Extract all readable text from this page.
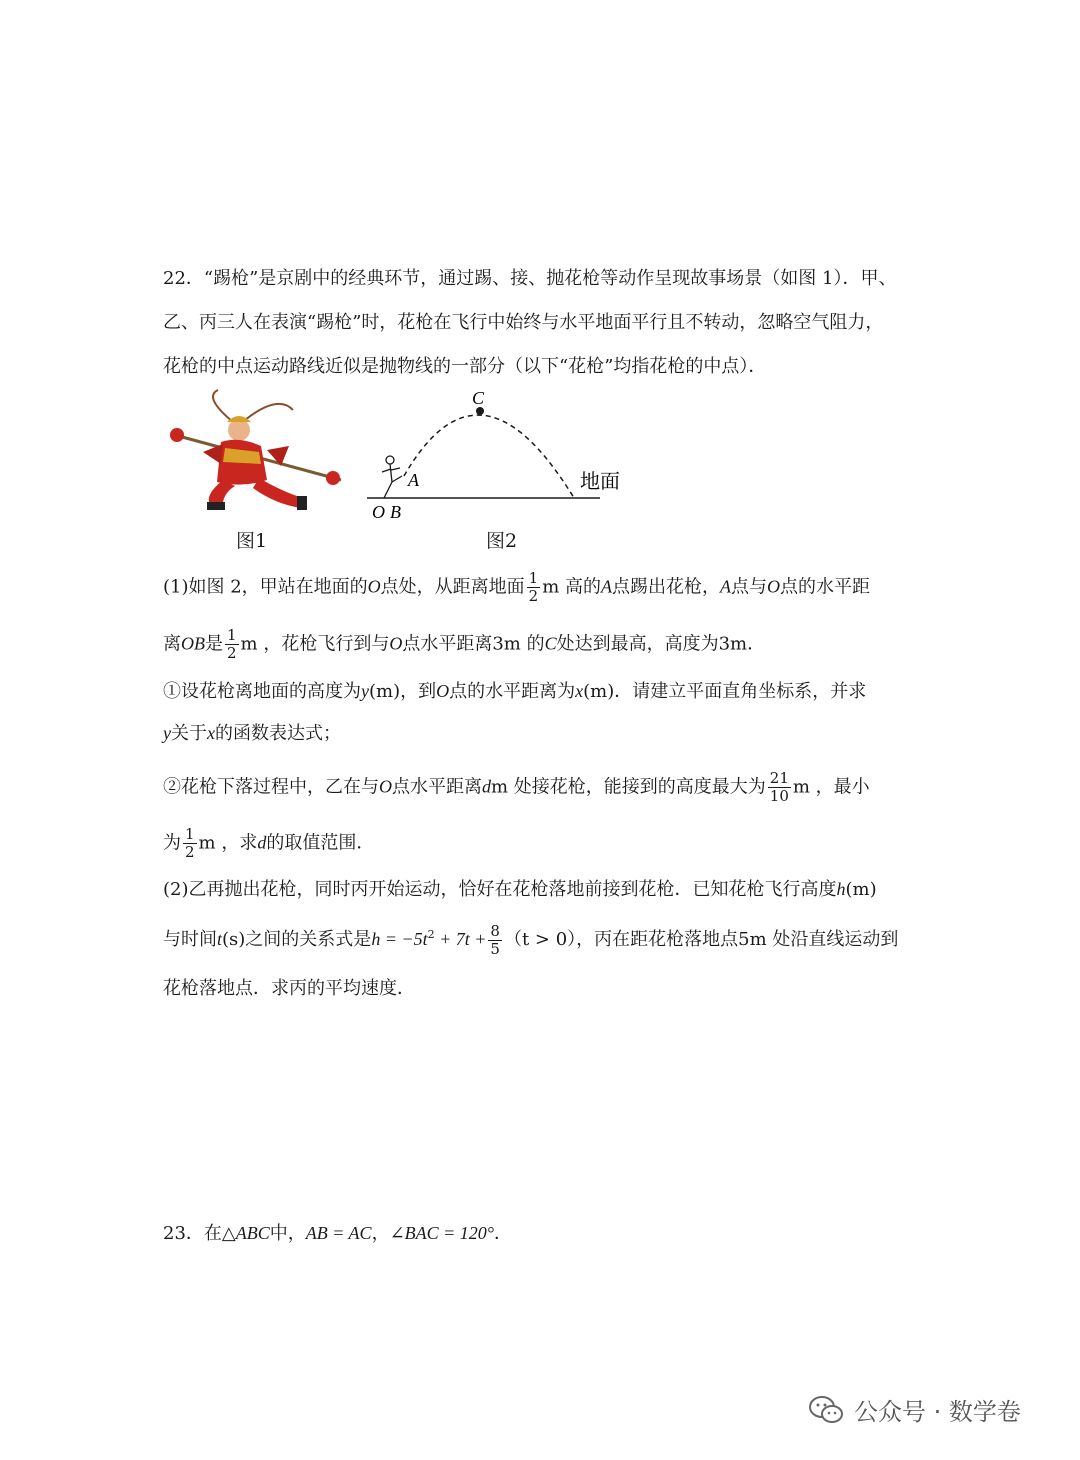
22．“踢枪”是京剧中的经典环节，通过踢、接、抛花枪等动作呈现故事场景（如图 1）．甲、
乙、丙三人在表演“踢枪”时，花枪在飞行中始终与水平地面平行且不转动，忽略空气阻力，
花枪的中点运动路线近似是抛物线的一部分（以下“花枪”均指花枪的中点）．
图1
C
A
O B
地面
图2
(1)如图 2，甲站在地面的O点处，从距离地面 $\frac{1}{2}$ m 高的A点踢出花枪，A点与O点的水平距
离OB是 $\frac{1}{2}$ m ，花枪飞行到与O点水平距离3m 的C处达到最高，高度为3m．
①设花枪离地面的高度为y(m)，到O点的水平距离为x(m)．请建立平面直角坐标系，并求
y关于x的函数表达式；
②花枪下落过程中，乙在与O点水平距离dm 处接花枪，能接到的高度最大为 $\frac{21}{10}$ m ，最小
为 $\frac{1}{2}$ m ，求d的取值范围．
(2)乙再抛出花枪，同时丙开始运动，恰好在花枪落地前接到花枪．已知花枪飞行高度h(m)
与时间t(s)之间的关系式是$h = -5t^2 + 7t + \frac{8}{5} (t > 0)$，丙在距花枪落地点5m 处沿直线运动到
花枪落地点．求丙的平均速度．
23．在△ABC中，AB = AC，∠BAC = 120°．
公众号 · 数学卷
